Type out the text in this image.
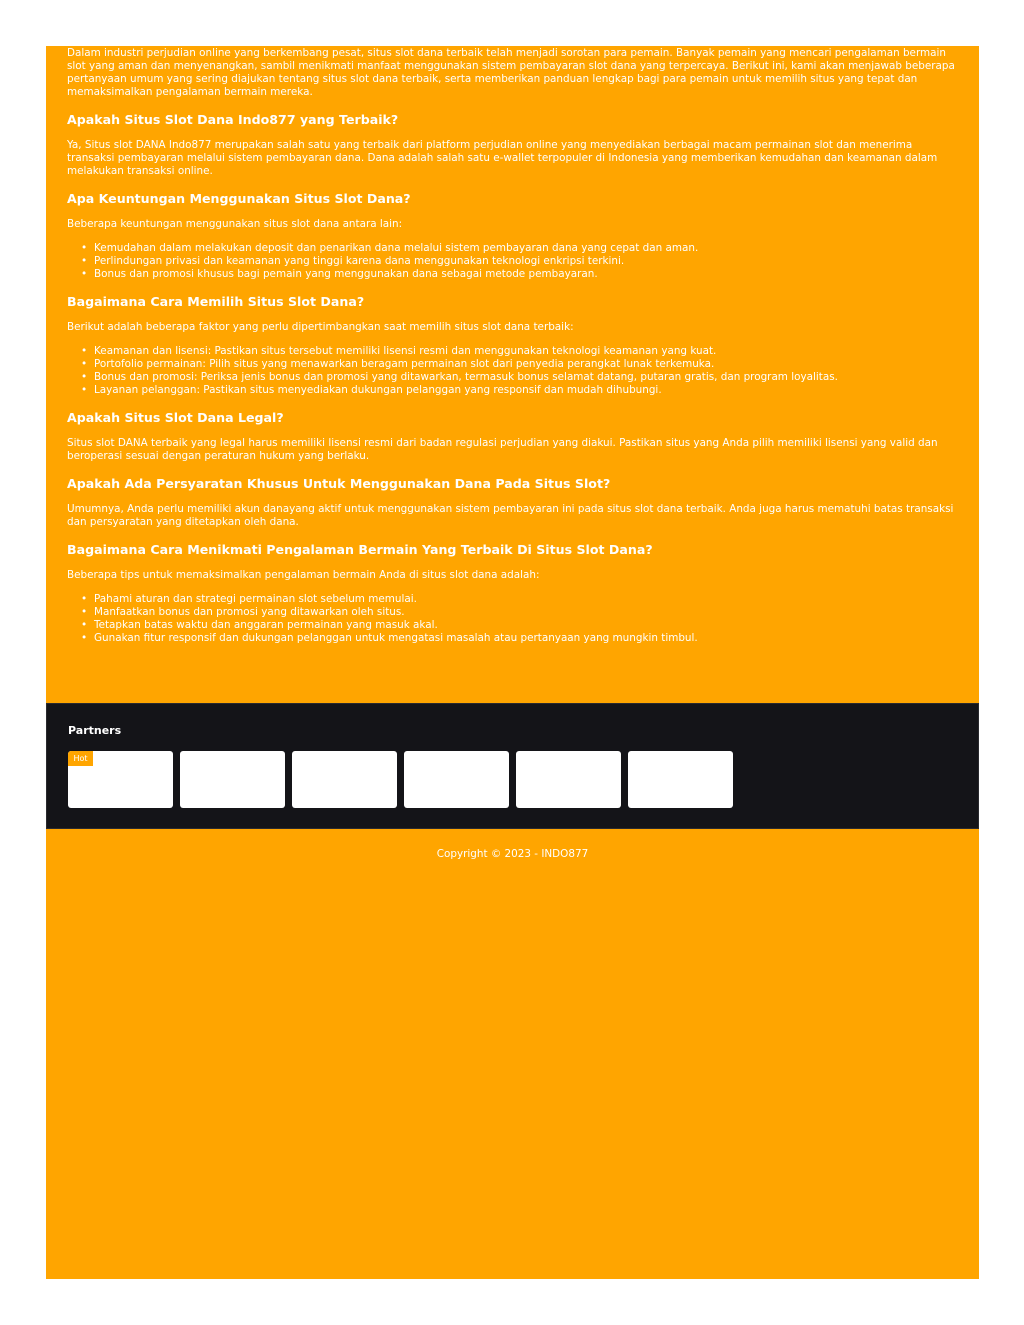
Dalam industri perjudian online yang berkembang pesat, situs slot dana terbaik telah menjadi sorotan para pemain. Banyak pemain yang mencari pengalaman bermain slot yang aman dan menyenangkan, sambil menikmati manfaat menggunakan sistem pembayaran slot dana yang terpercaya. Berikut ini, kami akan menjawab beberapa pertanyaan umum yang sering diajukan tentang situs slot dana terbaik, serta memberikan panduan lengkap bagi para pemain untuk memilih situs yang tepat dan memaksimalkan pengalaman bermain mereka.

Apakah Situs Slot Dana Indo877 yang Terbaik?

Ya, Situs slot DANA Indo877 merupakan salah satu yang terbaik dari platform perjudian online yang menyediakan berbagai macam permainan slot dan menerima transaksi pembayaran melalui sistem pembayaran dana. Dana adalah salah satu e-wallet terpopuler di Indonesia yang memberikan kemudahan dan keamanan dalam melakukan transaksi online.

Apa Keuntungan Menggunakan Situs Slot Dana?

Beberapa keuntungan menggunakan situs slot dana antara lain:

• Kemudahan dalam melakukan deposit dan penarikan dana melalui sistem pembayaran dana yang cepat dan aman.
• Perlindungan privasi dan keamanan yang tinggi karena dana menggunakan teknologi enkripsi terkini.
• Bonus dan promosi khusus bagi pemain yang menggunakan dana sebagai metode pembayaran.
Bagaimana Cara Memilih Situs Slot Dana?

Berikut adalah beberapa faktor yang perlu dipertimbangkan saat memilih situs slot dana terbaik:

• Keamanan dan lisensi: Pastikan situs tersebut memiliki lisensi resmi dan menggunakan teknologi keamanan yang kuat.
• Portofolio permainan: Pilih situs yang menawarkan beragam permainan slot dari penyedia perangkat lunak terkemuka.
• Bonus dan promosi: Periksa jenis bonus dan promosi yang ditawarkan, termasuk bonus selamat datang, putaran gratis, dan program loyalitas.
• Layanan pelanggan: Pastikan situs menyediakan dukungan pelanggan yang responsif dan mudah dihubungi.
Apakah Situs Slot Dana Legal?

Situs slot DANA terbaik yang legal harus memiliki lisensi resmi dari badan regulasi perjudian yang diakui. Pastikan situs yang Anda pilih memiliki lisensi yang valid dan beroperasi sesuai dengan peraturan hukum yang berlaku.

Apakah Ada Persyaratan Khusus Untuk Menggunakan Dana Pada Situs Slot?

Umumnya, Anda perlu memiliki akun danayang aktif untuk menggunakan sistem pembayaran ini pada situs slot dana terbaik. Anda juga harus mematuhi batas transaksi dan persyaratan yang ditetapkan oleh dana.

Bagaimana Cara Menikmati Pengalaman Bermain Yang Terbaik Di Situs Slot Dana?

Beberapa tips untuk memaksimalkan pengalaman bermain Anda di situs slot dana adalah:

• Pahami aturan dan strategi permainan slot sebelum memulai.
• Manfaatkan bonus dan promosi yang ditawarkan oleh situs.
• Tetapkan batas waktu dan anggaran permainan yang masuk akal.
• Gunakan fitur responsif dan dukungan pelanggan untuk mengatasi masalah atau pertanyaan yang mungkin timbul.
Partners
Hot
Copyright © 2023 - INDO877
